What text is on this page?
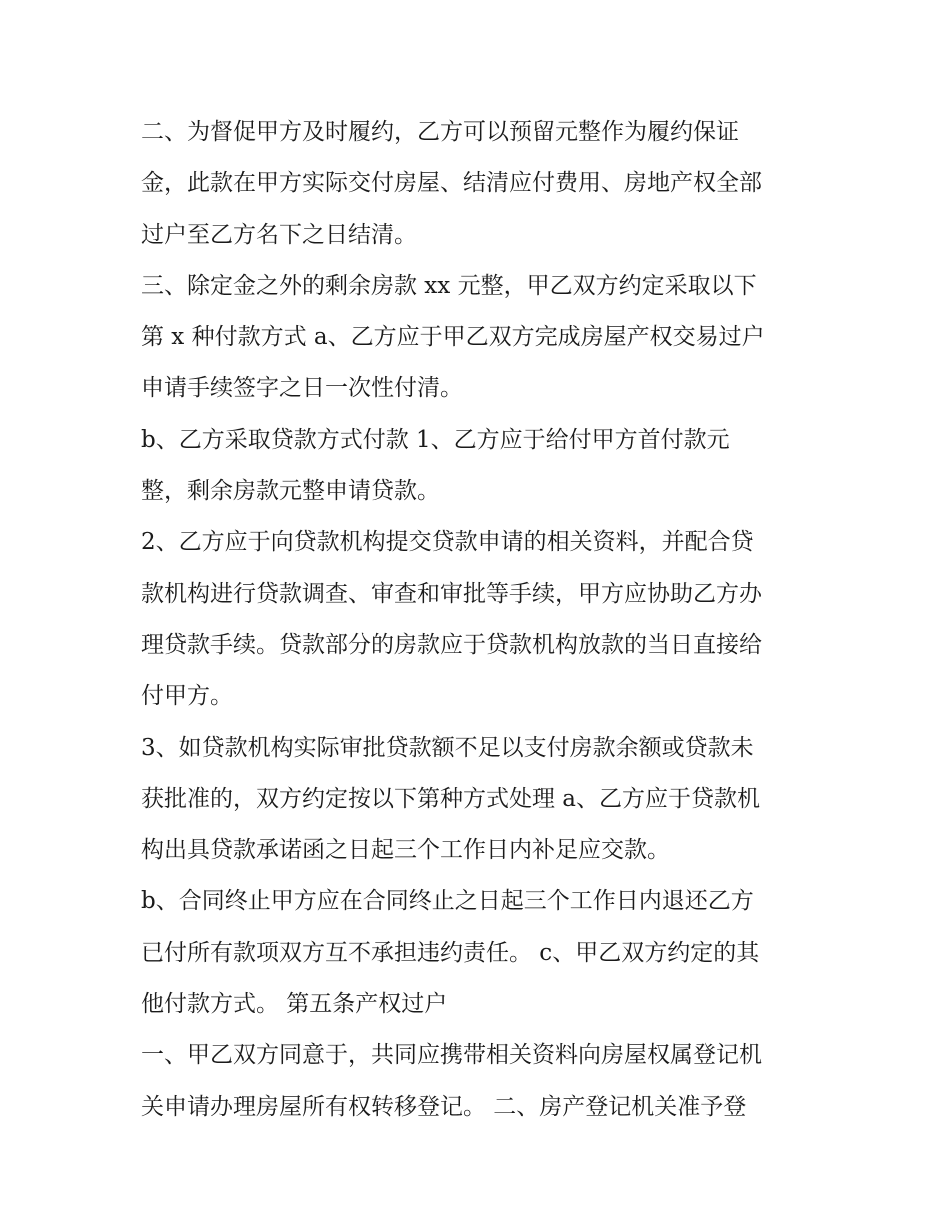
二、为督促甲方及时履约，乙方可以预留元整作为履约保证
金，此款在甲方实际交付房屋、结清应付费用、房地产权全部
过户至乙方名下之日结清。
三、除定金之外的剩余房款 xx 元整，甲乙双方约定采取以下
第 x 种付款方式 a、乙方应于甲乙双方完成房屋产权交易过户
申请手续签字之日一次性付清。
b、乙方采取贷款方式付款 1、乙方应于给付甲方首付款元
整，剩余房款元整申请贷款。
2、乙方应于向贷款机构提交贷款申请的相关资料，并配合贷
款机构进行贷款调查、审查和审批等手续，甲方应协助乙方办
理贷款手续。贷款部分的房款应于贷款机构放款的当日直接给
付甲方。
3、如贷款机构实际审批贷款额不足以支付房款余额或贷款未
获批准的，双方约定按以下第种方式处理 a、乙方应于贷款机
构出具贷款承诺函之日起三个工作日内补足应交款。
b、合同终止甲方应在合同终止之日起三个工作日内退还乙方
已付所有款项双方互不承担违约责任。 c、甲乙双方约定的其
他付款方式。 第五条产权过户
一、甲乙双方同意于，共同应携带相关资料向房屋权属登记机
关申请办理房屋所有权转移登记。 二、房产登记机关准予登
